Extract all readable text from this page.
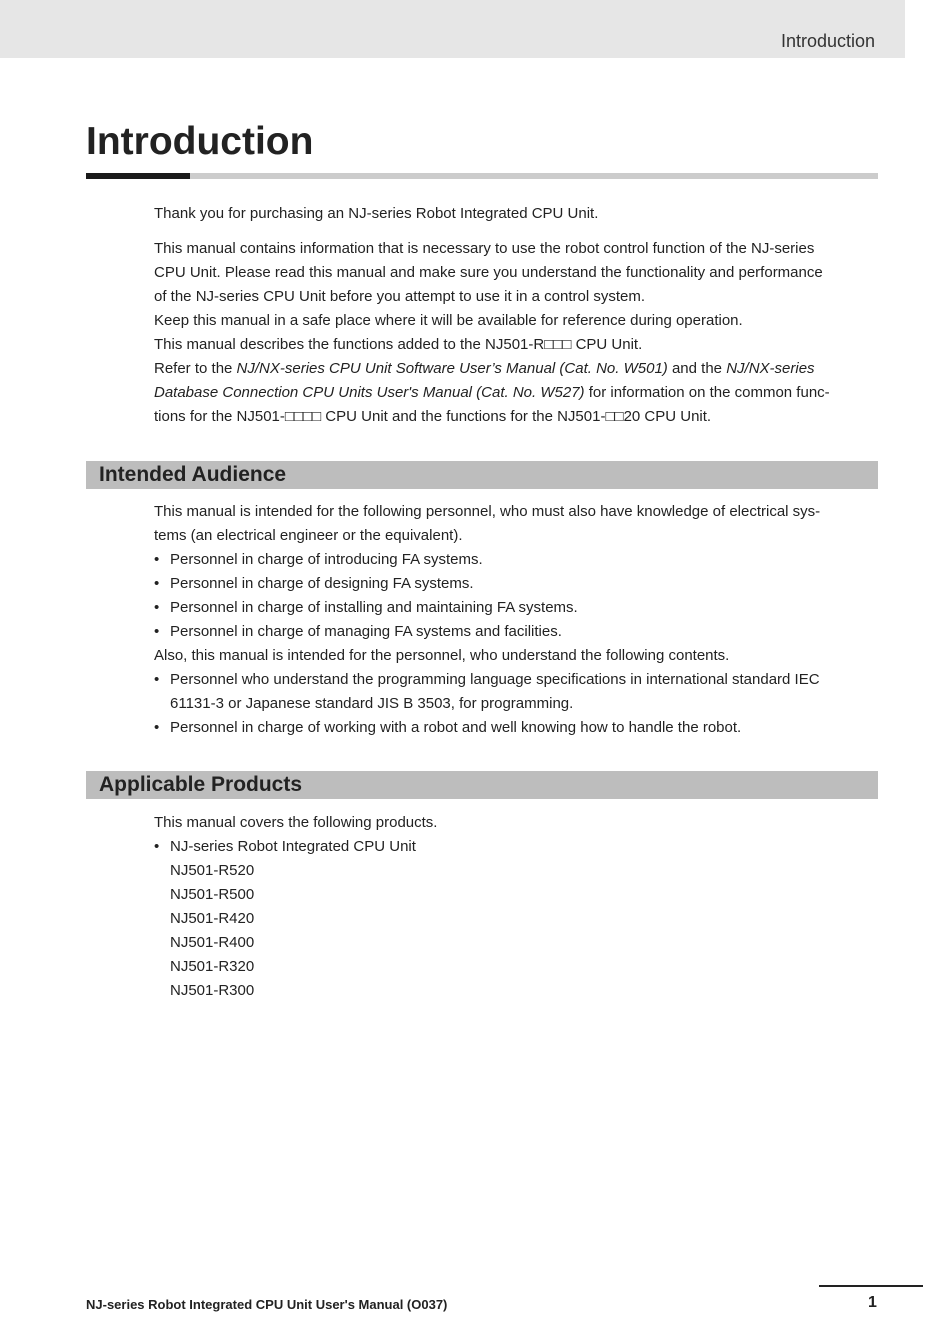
Introduction
Introduction

Thank you for purchasing an NJ-series Robot Integrated CPU Unit.

This manual contains information that is necessary to use the robot control function of the NJ-series

CPU Unit. Please read this manual and make sure you understand the functionality and performance

of the NJ-series CPU Unit before you attempt to use it in a control system.

Keep this manual in a safe place where it will be available for reference during operation.

This manual describes the functions added to the NJ501-R□□□ CPU Unit.

Refer to the NJ/NX-series CPU Unit Software User’s Manual (Cat. No. W501) and the NJ/NX-series

Database Connection CPU Units User's Manual (Cat. No. W527) for information on the common func-

tions for the NJ501-□□□□ CPU Unit and the functions for the NJ501-□□20 CPU Unit.

Intended Audience

This manual is intended for the following personnel, who must also have knowledge of electrical sys-

tems (an electrical engineer or the equivalent).

• Personnel in charge of introducing FA systems.

• Personnel in charge of designing FA systems.

• Personnel in charge of installing and maintaining FA systems.

• Personnel in charge of managing FA systems and facilities.

Also, this manual is intended for the personnel, who understand the following contents.

• Personnel who understand the programming language specifications in international standard IEC

61131-3 or Japanese standard JIS B 3503, for programming.

• Personnel in charge of working with a robot and well knowing how to handle the robot.

Applicable Products

This manual covers the following products.

• NJ-series Robot Integrated CPU Unit

NJ501-R520

NJ501-R500

NJ501-R420

NJ501-R400

NJ501-R320

NJ501-R300

NJ-series Robot Integrated CPU Unit User's Manual (O037)	1
